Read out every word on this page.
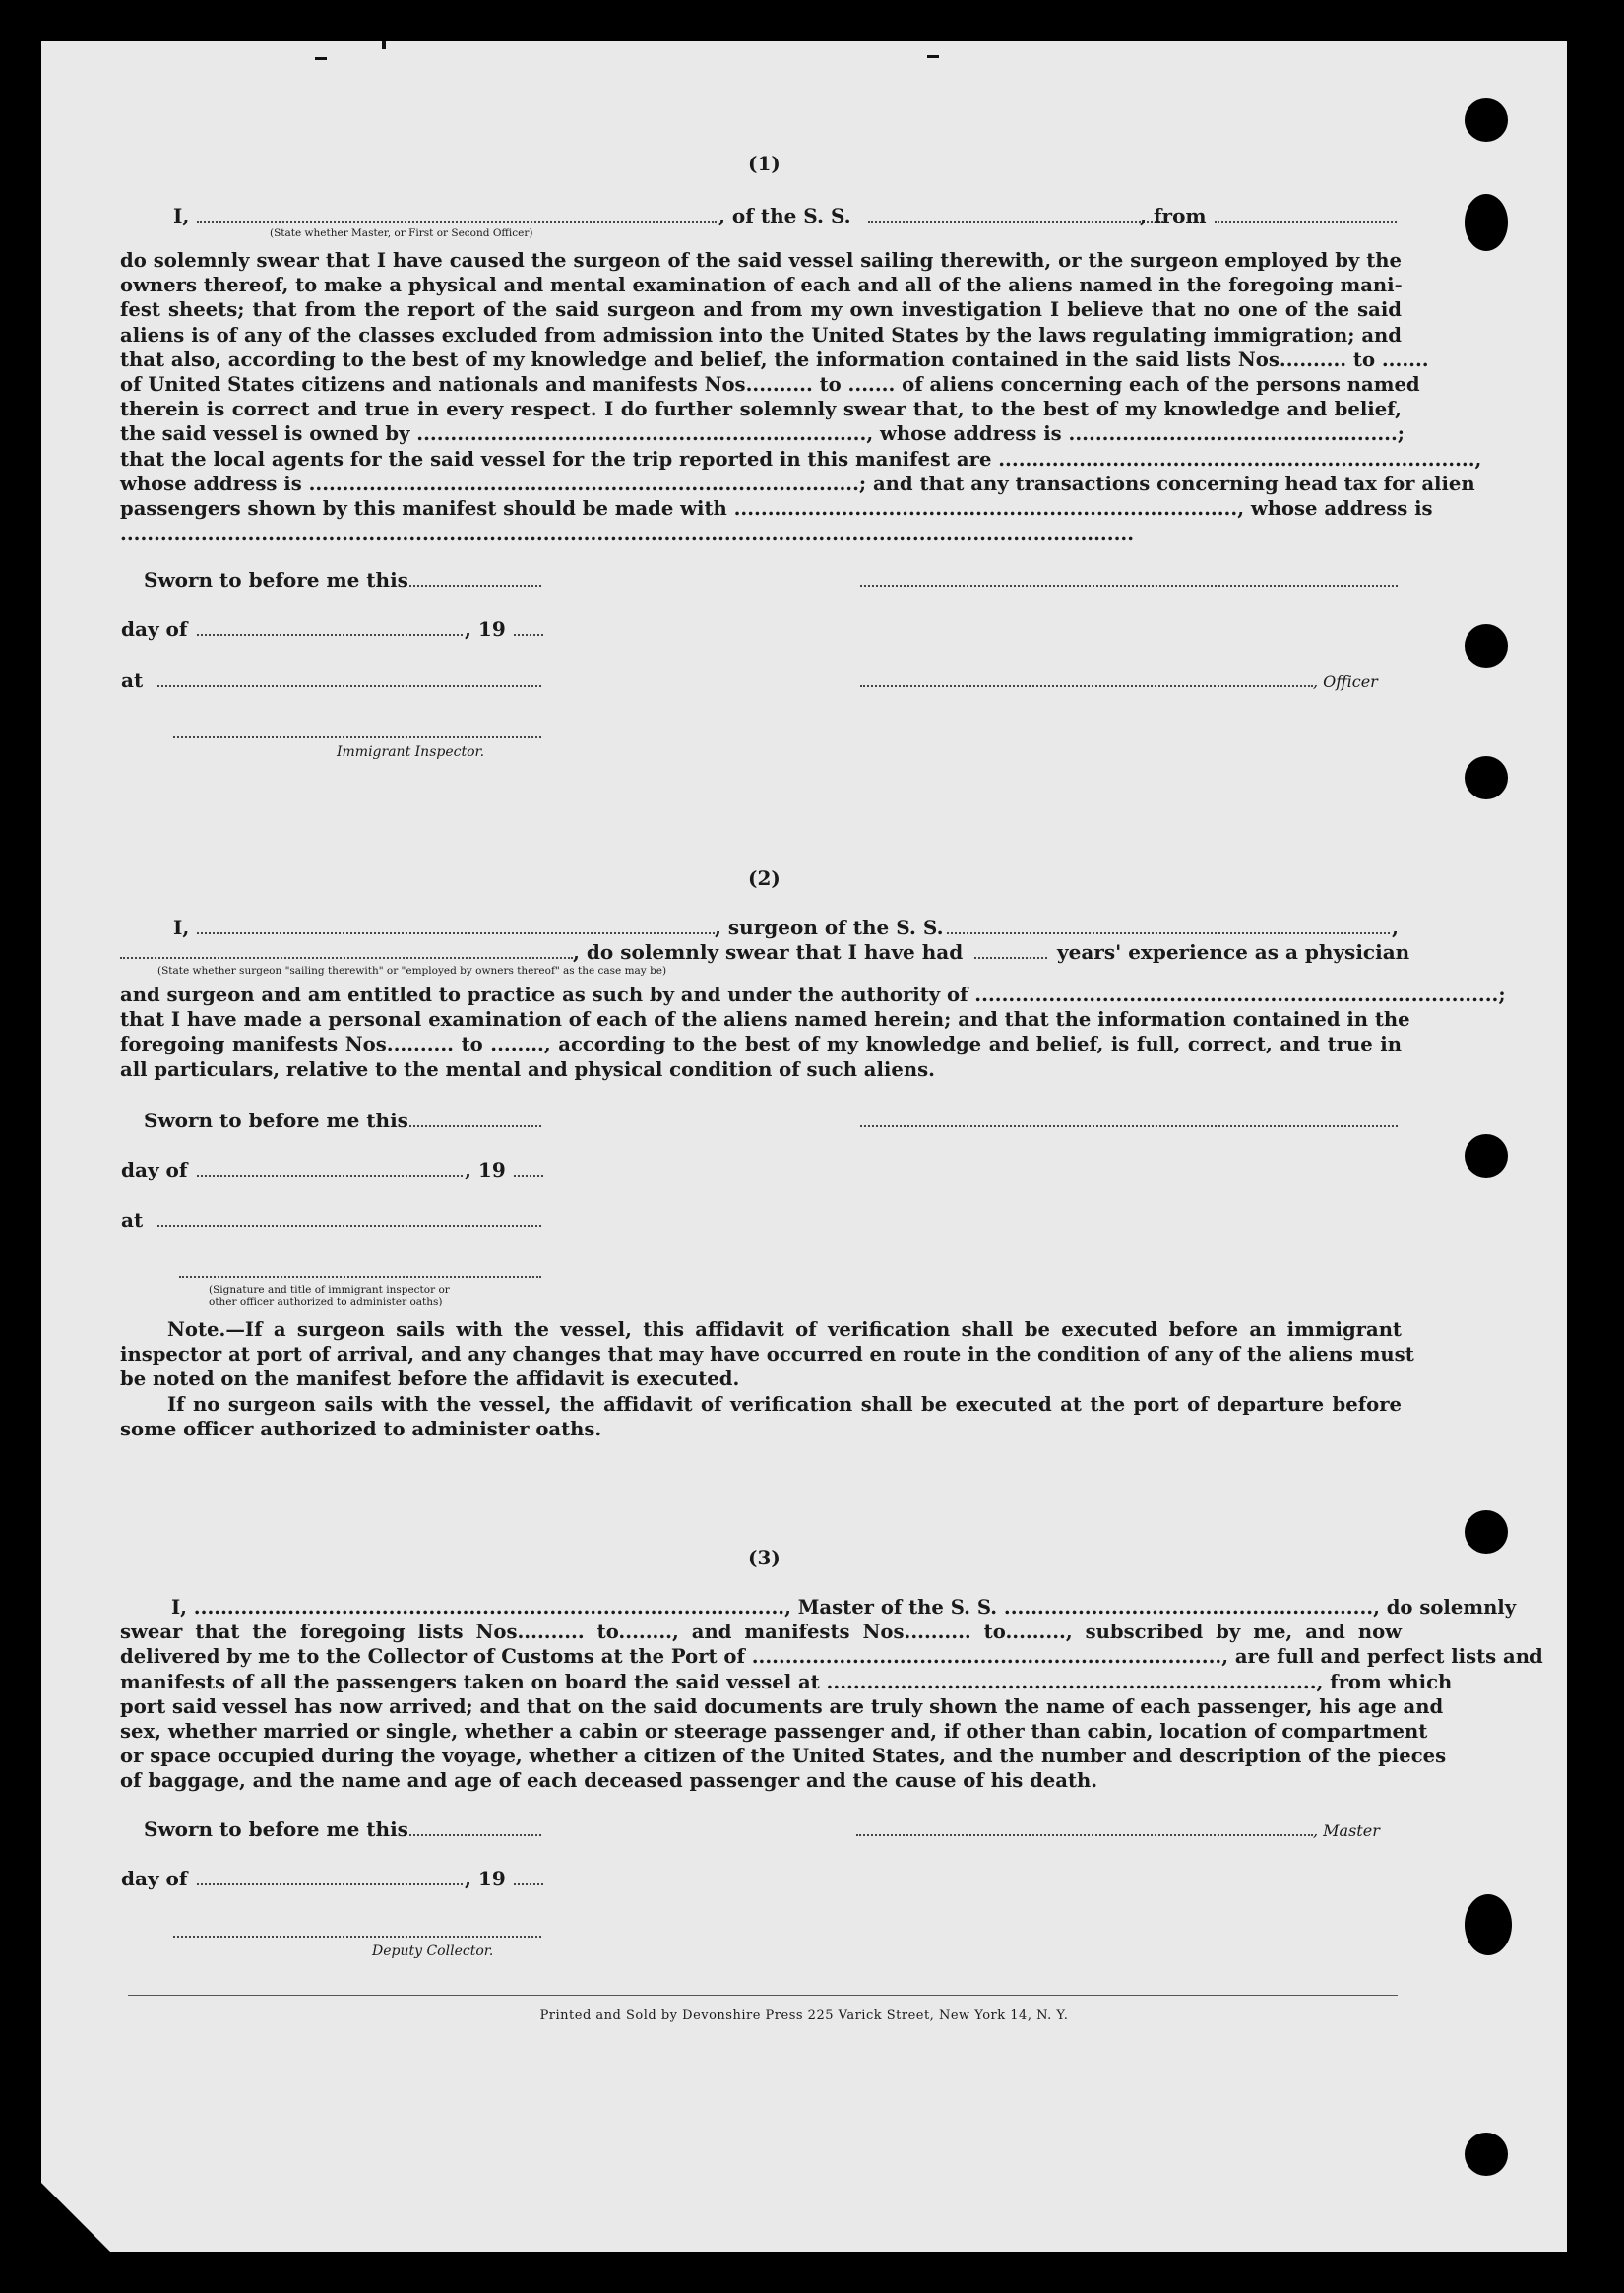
(1)
I,	, of the S. S.	, from
(State whether Master, or First or Second Officer)
do solemnly swear that I have caused the surgeon of the said vessel sailing therewith, or the surgeon employed by the
owners thereof, to make a physical and mental examination of each and all of the aliens named in the foregoing mani-
fest sheets; that from the report of the said surgeon and from my own investigation I believe that no one of the said
aliens is of any of the classes excluded from admission into the United States by the laws regulating immigration; and
that also, according to the best of my knowledge and belief, the information contained in the said lists Nos.......... to .......
of United States citizens and nationals and manifests Nos.......... to ....... of aliens concerning each of the persons named
therein is correct and true in every respect. I do further solemnly swear that, to the best of my knowledge and belief,
the said vessel is owned by ..................................................................., whose address is .................................................;
that the local agents for the said vessel for the trip reported in this manifest are .......................................................................,
whose address is ..................................................................................; and that any transactions concerning head tax for alien
passengers shown by this manifest should be made with ..........................................................................., whose address is
.......................................................................................................................................................
Sworn to before me this
day of	, 19
at	, Officer
Immigrant Inspector.
(2)
I,	, surgeon of the S. S.	,
, do solemnly swear that I have had	years' experience as a physician
(State whether surgeon "sailing therewith" or "employed by owners thereof" as the case may be)
and surgeon and am entitled to practice as such by and under the authority of ..............................................................................;
that I have made a personal examination of each of the aliens named herein; and that the information contained in the
foregoing manifests Nos.......... to ........, according to the best of my knowledge and belief, is full, correct, and true in
all particulars, relative to the mental and physical condition of such aliens.
Sworn to before me this
day of	, 19
at
(Signature and title of immigrant inspector or
other officer authorized to administer oaths)
Note.—If a surgeon sails with the vessel, this affidavit of verification shall be executed before an immigrant
inspector at port of arrival, and any changes that may have occurred en route in the condition of any of the aliens must
be noted on the manifest before the affidavit is executed.
If no surgeon sails with the vessel, the affidavit of verification shall be executed at the port of departure before
some officer authorized to administer oaths.
(3)
I, ........................................................................................, Master of the S. S. ......................................................., do solemnly
swear that the foregoing lists Nos.......... to........, and manifests Nos.......... to........., subscribed by me, and now
delivered by me to the Collector of Customs at the Port of ......................................................................, are full and perfect lists and
manifests of all the passengers taken on board the said vessel at ........................................................................., from which
port said vessel has now arrived; and that on the said documents are truly shown the name of each passenger, his age and
sex, whether married or single, whether a cabin or steerage passenger and, if other than cabin, location of compartment
or space occupied during the voyage, whether a citizen of the United States, and the number and description of the pieces
of baggage, and the name and age of each deceased passenger and the cause of his death.
Sworn to before me this	, Master
day of	, 19
Deputy Collector.
Printed and Sold by Devonshire Press 225 Varick Street, New York 14, N. Y.
